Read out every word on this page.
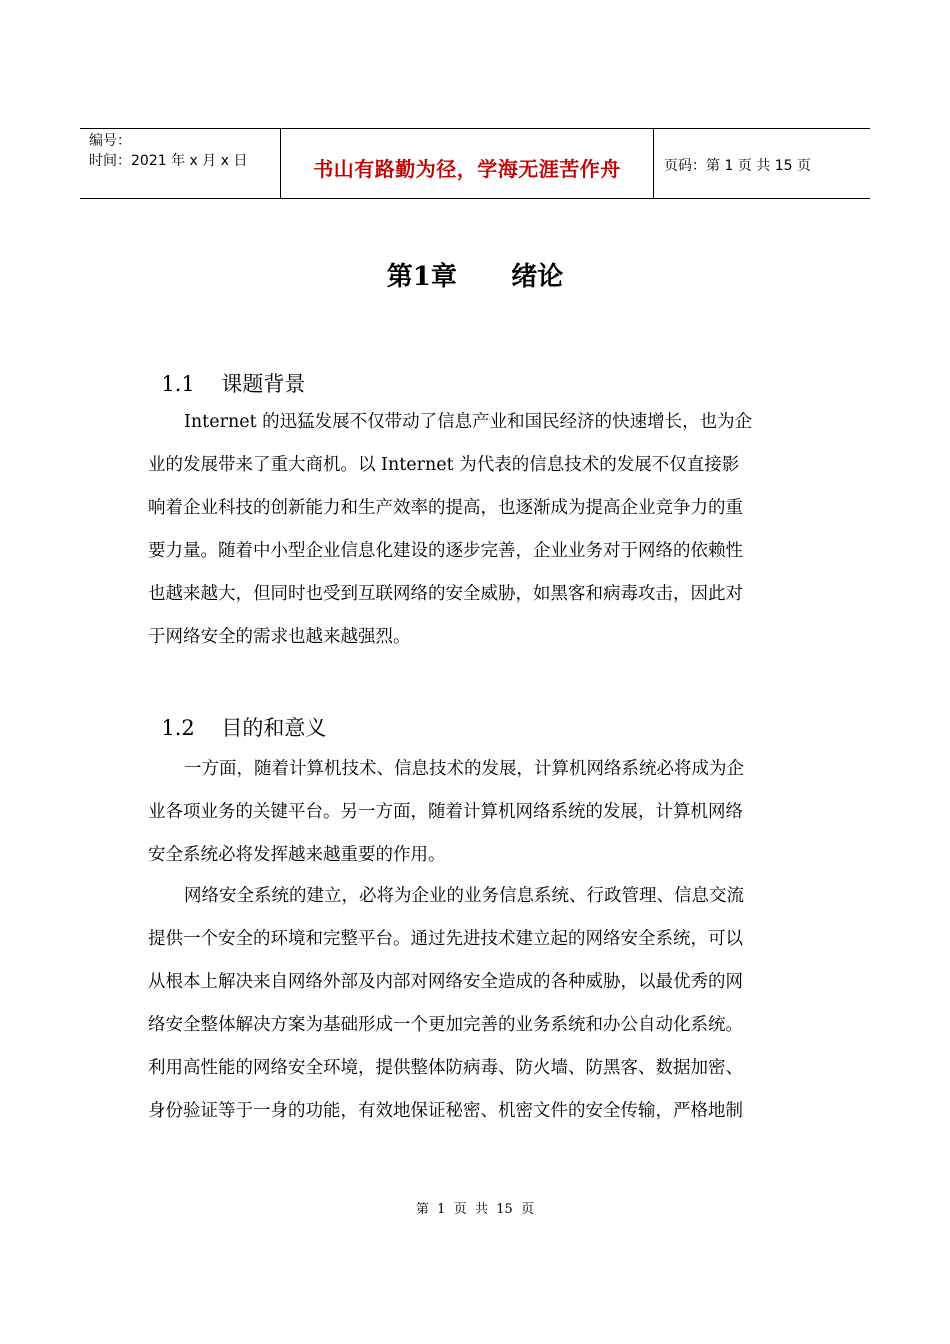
编号：
时间：2021 年 x 月 x 日	书山有路勤为径，学海无涯苦作舟	页码：第 1 页 共 15 页
第1章      绪论

1.1 课题背景

Internet 的迅猛发展不仅带动了信息产业和国民经济的快速增长，也为企
业的发展带来了重大商机。以 Internet 为代表的信息技术的发展不仅直接影
响着企业科技的创新能力和生产效率的提高，也逐渐成为提高企业竞争力的重
要力量。随着中小型企业信息化建设的逐步完善，企业业务对于网络的依赖性
也越来越大，但同时也受到互联网络的安全威胁，如黑客和病毒攻击，因此对
于网络安全的需求也越来越强烈。

1.2 目的和意义

一方面，随着计算机技术、信息技术的发展，计算机网络系统必将成为企
业各项业务的关键平台。另一方面，随着计算机网络系统的发展，计算机网络
安全系统必将发挥越来越重要的作用。
网络安全系统的建立，必将为企业的业务信息系统、行政管理、信息交流
提供一个安全的环境和完整平台。通过先进技术建立起的网络安全系统，可以
从根本上解决来自网络外部及内部对网络安全造成的各种威胁，以最优秀的网
络安全整体解决方案为基础形成一个更加完善的业务系统和办公自动化系统。
利用高性能的网络安全环境，提供整体防病毒、防火墙、防黑客、数据加密、
身份验证等于一身的功能，有效地保证秘密、机密文件的安全传输，严格地制
第  1  页  共  15  页
